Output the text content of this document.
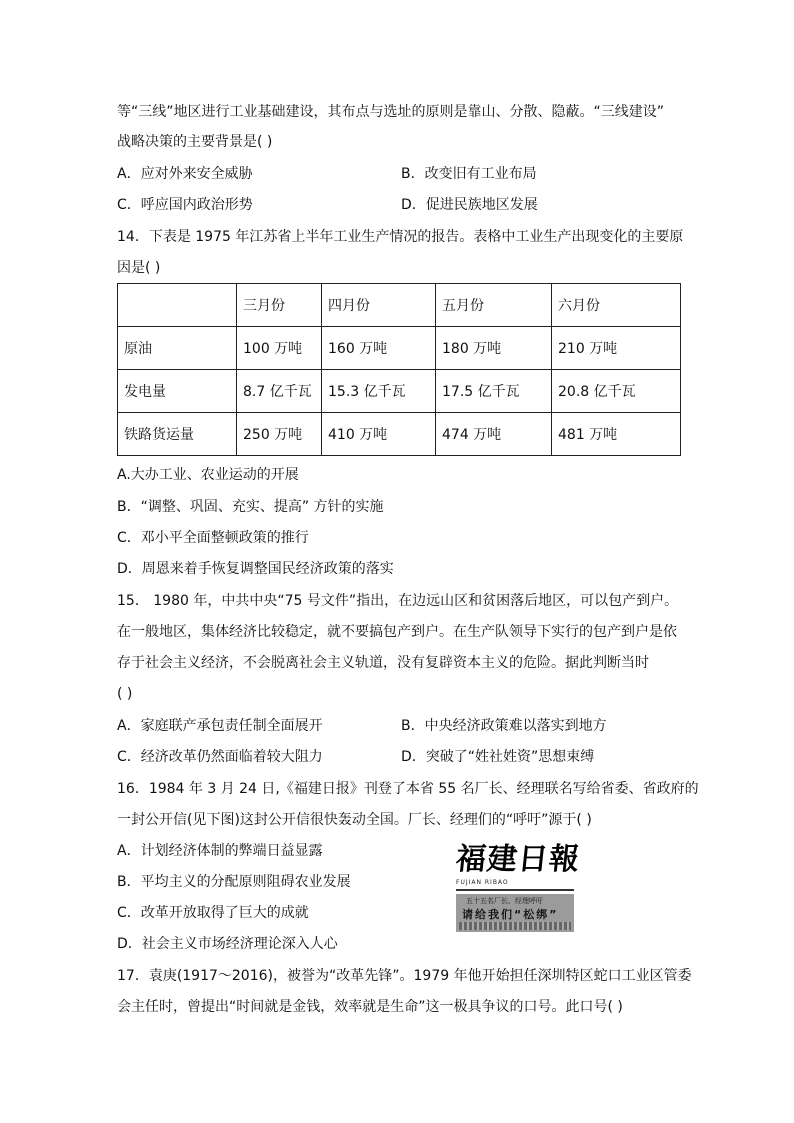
等“三线”地区进行工业基础建设，其布点与选址的原则是靠山、分散、隐蔽。“三线建设”
战略决策的主要背景是( )
A．应对外来安全威胁	B．改变旧有工业布局
C．呼应国内政治形势	D．促进民族地区发展
14．下表是 1975 年江苏省上半年工业生产情况的报告。表格中工业生产出现变化的主要原
因是( )
	三月份	四月份	五月份	六月份
原油	100 万吨	160 万吨	180 万吨	210 万吨
发电量	8.7 亿千瓦	15.3 亿千瓦	17.5 亿千瓦	20.8 亿千瓦
铁路货运量	250 万吨	410 万吨	474 万吨	481 万吨
A.大办工业、农业运动的开展
B．“调整、巩固、充实、提高” 方针的实施
C．邓小平全面整顿政策的推行
D．周恩来着手恢复调整国民经济政策的落实
15． 1980 年，中共中央“75 号文件”指出，在边远山区和贫困落后地区，可以包产到户。
在一般地区，集体经济比较稳定，就不要搞包产到户。在生产队领导下实行的包产到户是依
存于社会主义经济，不会脱离社会主义轨道，没有复辟资本主义的危险。据此判断当时
( )
A．家庭联产承包责任制全面展开	B．中央经济政策难以落实到地方
C．经济改革仍然面临着较大阻力	D．突破了“姓社姓资”思想束缚
16．1984 年 3 月 24 日,《福建日报》刊登了本省 55 名厂长、经理联名写给省委、省政府的
一封公开信(见下图)这封公开信很快轰动全国。厂长、经理们的“呼吁”源于( )
A．计划经济体制的弊端日益显露
B．平均主义的分配原则阻碍农业发展
C．改革开放取得了巨大的成就
D．社会主义市场经济理论深入人心
福建日報
FUJIAN RIBAO
五十五名厂长、经理呼吁
请给我们“松绑”
17．袁庚(1917～2016)，被誉为“改革先锋”。1979 年他开始担任深圳特区蛇口工业区管委
会主任时，曾提出“时间就是金钱，效率就是生命”这一极具争议的口号。此口号( )
